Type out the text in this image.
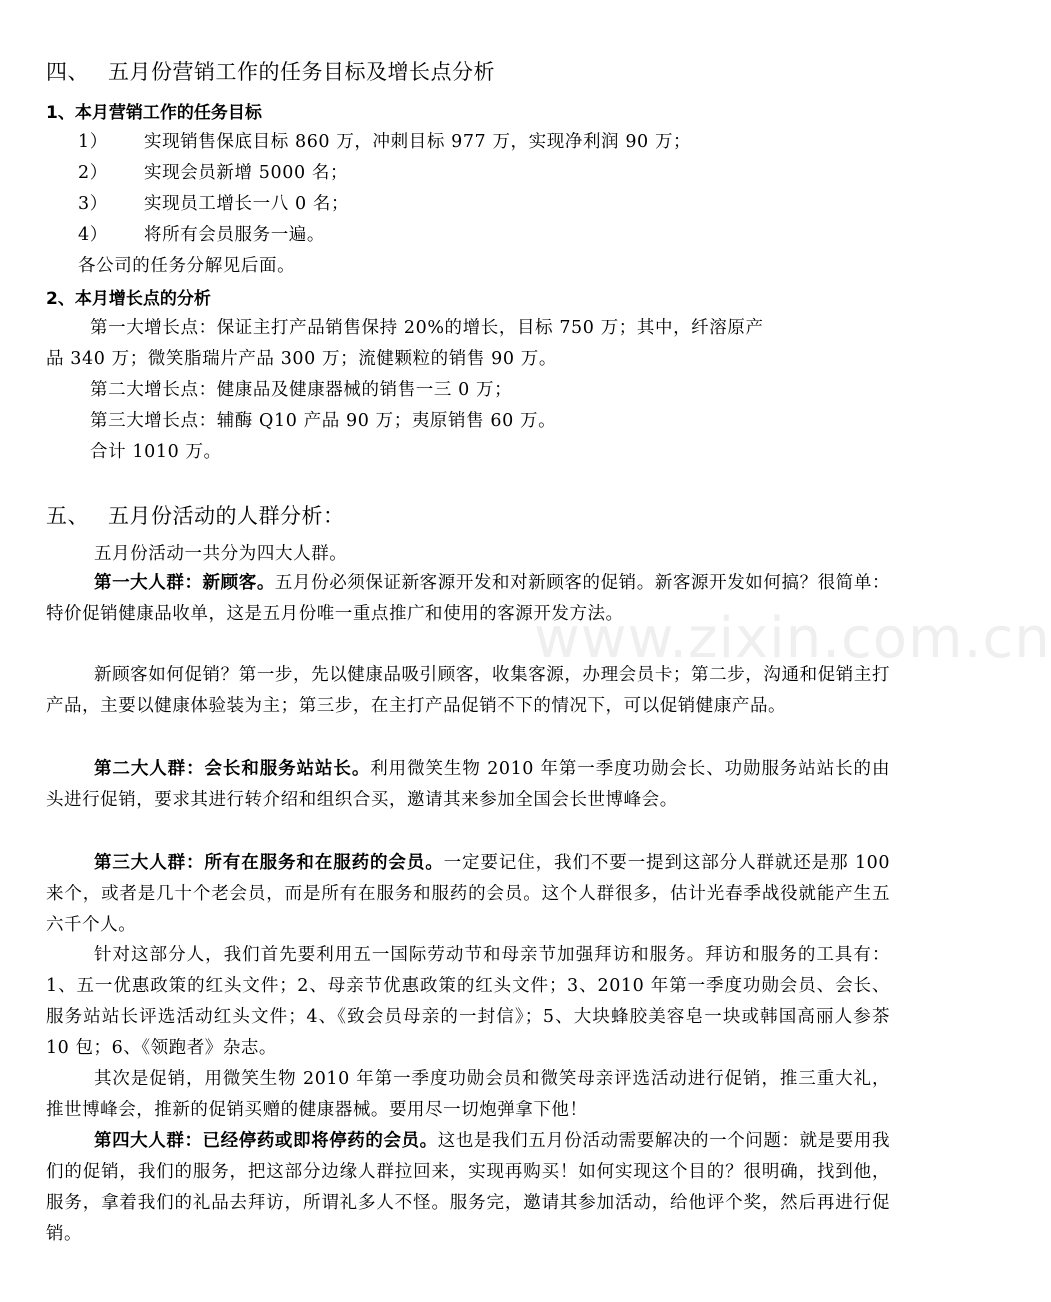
四、 五月份营销工作的任务目标及增长点分析
1、本月营销工作的任务目标
1） 实现销售保底目标 860 万，冲刺目标 977 万，实现净利润 90 万；
2） 实现会员新增 5000 名；
3） 实现员工增长一八 0 名；
4） 将所有会员服务一遍。
各公司的任务分解见后面。
2、本月增长点的分析
第一大增长点：保证主打产品销售保持 20%的增长，目标 750 万；其中，纤溶原产
品 340 万；微笑脂瑞片产品 300 万；流健颗粒的销售 90 万。
第二大增长点：健康品及健康器械的销售一三 0 万；
第三大增长点：辅酶 Q10 产品 90 万；夷原销售 60 万。
合计 1010 万。
五、 五月份活动的人群分析：
五月份活动一共分为四大人群。
第一大人群：新顾客。五月份必须保证新客源开发和对新顾客的促销。新客源开发如何搞？很简单：特价促销健康品收单，这是五月份唯一重点推广和使用的客源开发方法。
新顾客如何促销？第一步，先以健康品吸引顾客，收集客源，办理会员卡；第二步，沟通和促销主打产品，主要以健康体验装为主；第三步，在主打产品促销不下的情况下，可以促销健康产品。
第二大人群：会长和服务站站长。利用微笑生物 2010 年第一季度功勋会长、功勋服务站站长的由头进行促销，要求其进行转介绍和组织合买，邀请其来参加全国会长世博峰会。
第三大人群：所有在服务和在服药的会员。一定要记住，我们不要一提到这部分人群就还是那 100 来个，或者是几十个老会员，而是所有在服务和服药的会员。这个人群很多，估计光春季战役就能产生五六千个人。
针对这部分人，我们首先要利用五一国际劳动节和母亲节加强拜访和服务。拜访和服务的工具有：1、五一优惠政策的红头文件；2、母亲节优惠政策的红头文件；3、2010 年第一季度功勋会员、会长、服务站站长评选活动红头文件；4、《致会员母亲的一封信》；5、大块蜂胶美容皂一块或韩国高丽人参茶 10 包；6、《领跑者》杂志。
其次是促销，用微笑生物 2010 年第一季度功勋会员和微笑母亲评选活动进行促销，推三重大礼，推世博峰会，推新的促销买赠的健康器械。要用尽一切炮弹拿下他！
第四大人群：已经停药或即将停药的会员。这也是我们五月份活动需要解决的一个问题：就是要用我们的促销，我们的服务，把这部分边缘人群拉回来，实现再购买！如何实现这个目的？很明确，找到他，服务，拿着我们的礼品去拜访，所谓礼多人不怪。服务完，邀请其参加活动，给他评个奖，然后再进行促销。
www.zixin.com.cn
